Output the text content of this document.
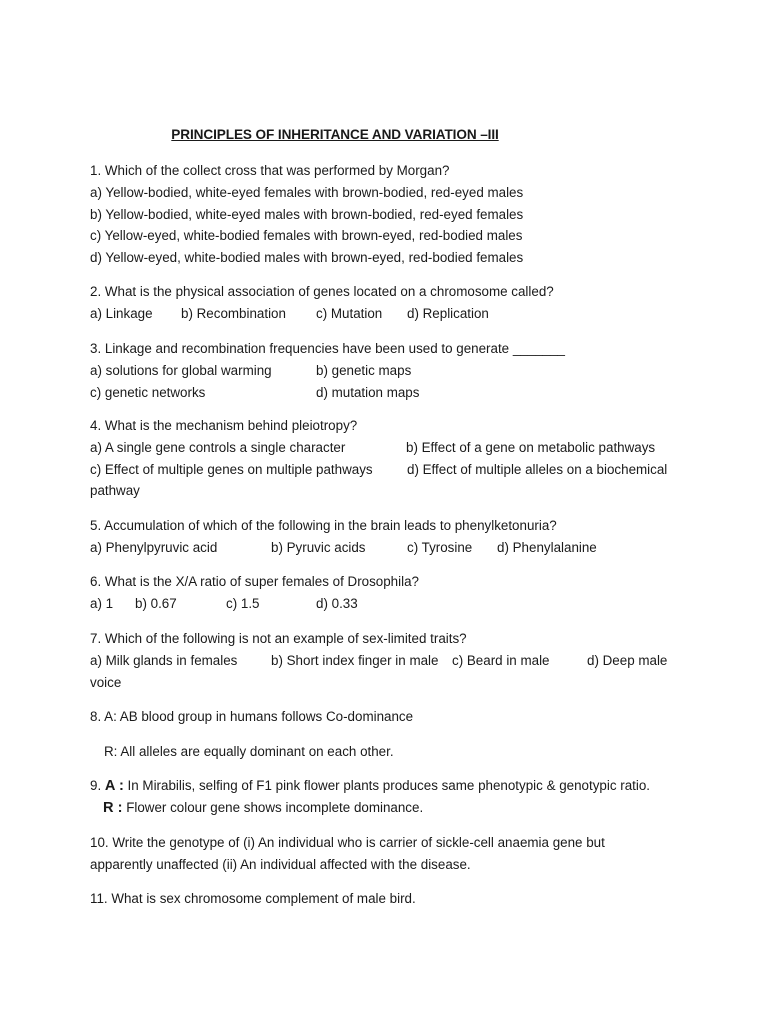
PRINCIPLES OF INHERITANCE AND VARIATION –III
1. Which of the collect cross that was performed by Morgan?
a) Yellow-bodied, white-eyed females with brown-bodied, red-eyed males
b) Yellow-bodied, white-eyed males with brown-bodied, red-eyed females
c) Yellow-eyed, white-bodied females with brown-eyed, red-bodied males
d) Yellow-eyed, white-bodied males with brown-eyed, red-bodied females
2. What is the physical association of genes located on a chromosome called?
a) Linkage b) Recombination c) Mutation d) Replication
3. Linkage and recombination frequencies have been used to generate _______
a) solutions for global warming	b) genetic maps
c) genetic networks	d) mutation maps
4. What is the mechanism behind pleiotropy?
a) A single gene controls a single character	b) Effect of a gene on metabolic pathways
c) Effect of multiple genes on multiple pathways	d) Effect of multiple alleles on a biochemical
pathway
5. Accumulation of which of the following in the brain leads to phenylketonuria?
a) Phenylpyruvic acid	b) Pyruvic acids	c) Tyrosine d) Phenylalanine
6. What is the X/A ratio of super females of Drosophila?
a) 1 b) 0.67	c) 1.5	d) 0.33
7. Which of the following is not an example of sex-limited traits?
a) Milk glands in females	b) Short index finger in male c) Beard in male	d) Deep male
voice
8. A: AB blood group in humans follows Co-dominance
R: All alleles are equally dominant on each other.
9. A : In Mirabilis, selfing of F1 pink flower plants produces same phenotypic & genotypic ratio.
R : Flower colour gene shows incomplete dominance.
10. Write the genotype of (i) An individual who is carrier of sickle-cell anaemia gene but
apparently unaffected (ii) An individual affected with the disease.
11. What is sex chromosome complement of male bird.
